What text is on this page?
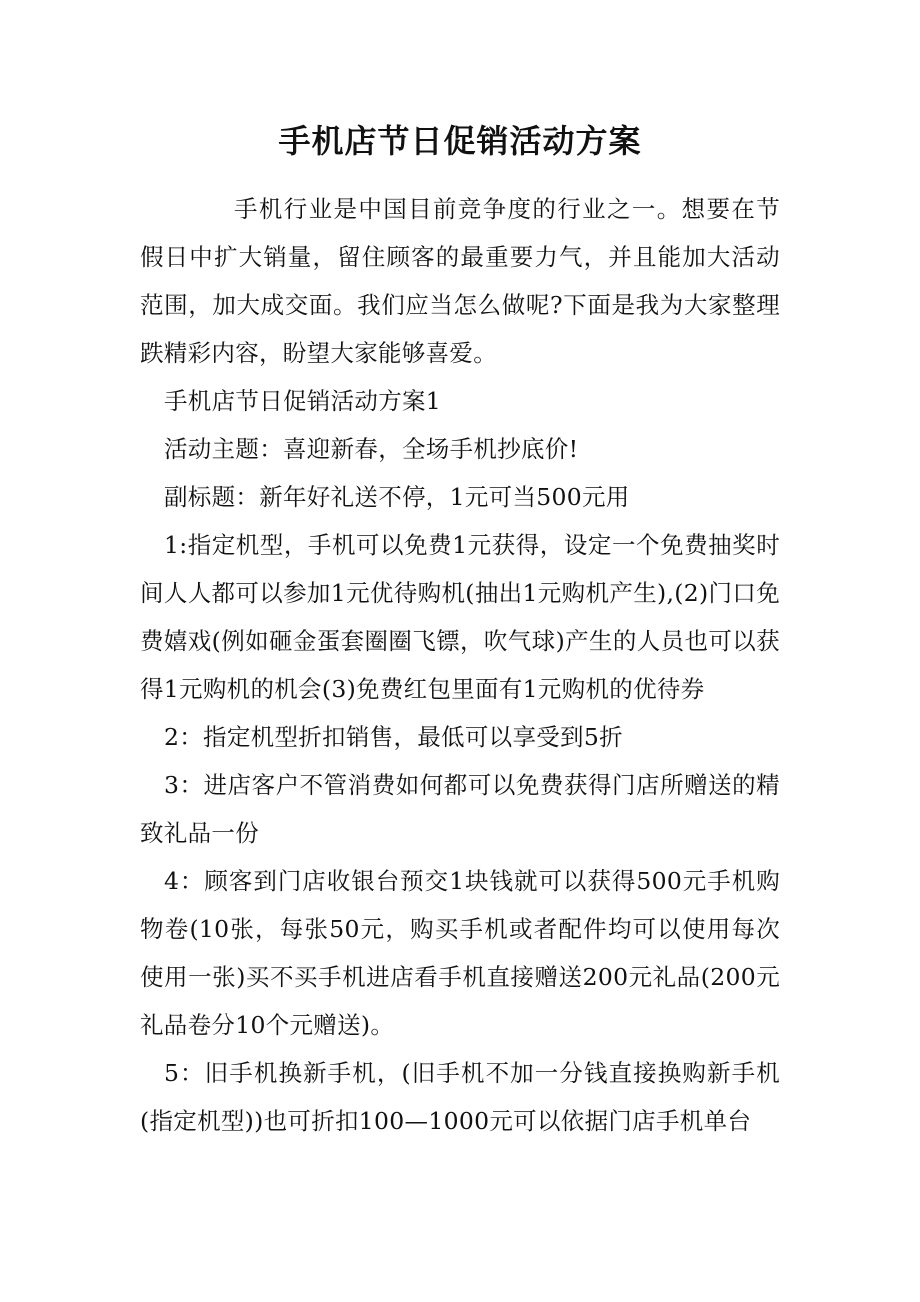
手机店节日促销活动方案

手机行业是中国目前竞争度的行业之一。想要在节假日中扩大销量，留住顾客的最重要力气，并且能加大活动范围，加大成交面。我们应当怎么做呢?下面是我为大家整理跌精彩内容，盼望大家能够喜爱。

手机店节日促销活动方案1

活动主题：喜迎新春，全场手机抄底价!

副标题：新年好礼送不停，1元可当500元用

1:指定机型，手机可以免费1元获得，设定一个免费抽奖时间人人都可以参加1元优待购机(抽出1元购机产生),(2)门口免费嬉戏(例如砸金蛋套圈圈飞镖，吹气球)产生的人员也可以获得1元购机的机会(3)免费红包里面有1元购机的优待券

2：指定机型折扣销售，最低可以享受到5折

3：进店客户不管消费如何都可以免费获得门店所赠送的精致礼品一份

4：顾客到门店收银台预交1块钱就可以获得500元手机购物卷(10张，每张50元，购买手机或者配件均可以使用每次使用一张)买不买手机进店看手机直接赠送200元礼品(200元礼品卷分10个元赠送)。

5：旧手机换新手机，(旧手机不加一分钱直接换购新手机(指定机型))也可折扣100—1000元可以依据门店手机单台
